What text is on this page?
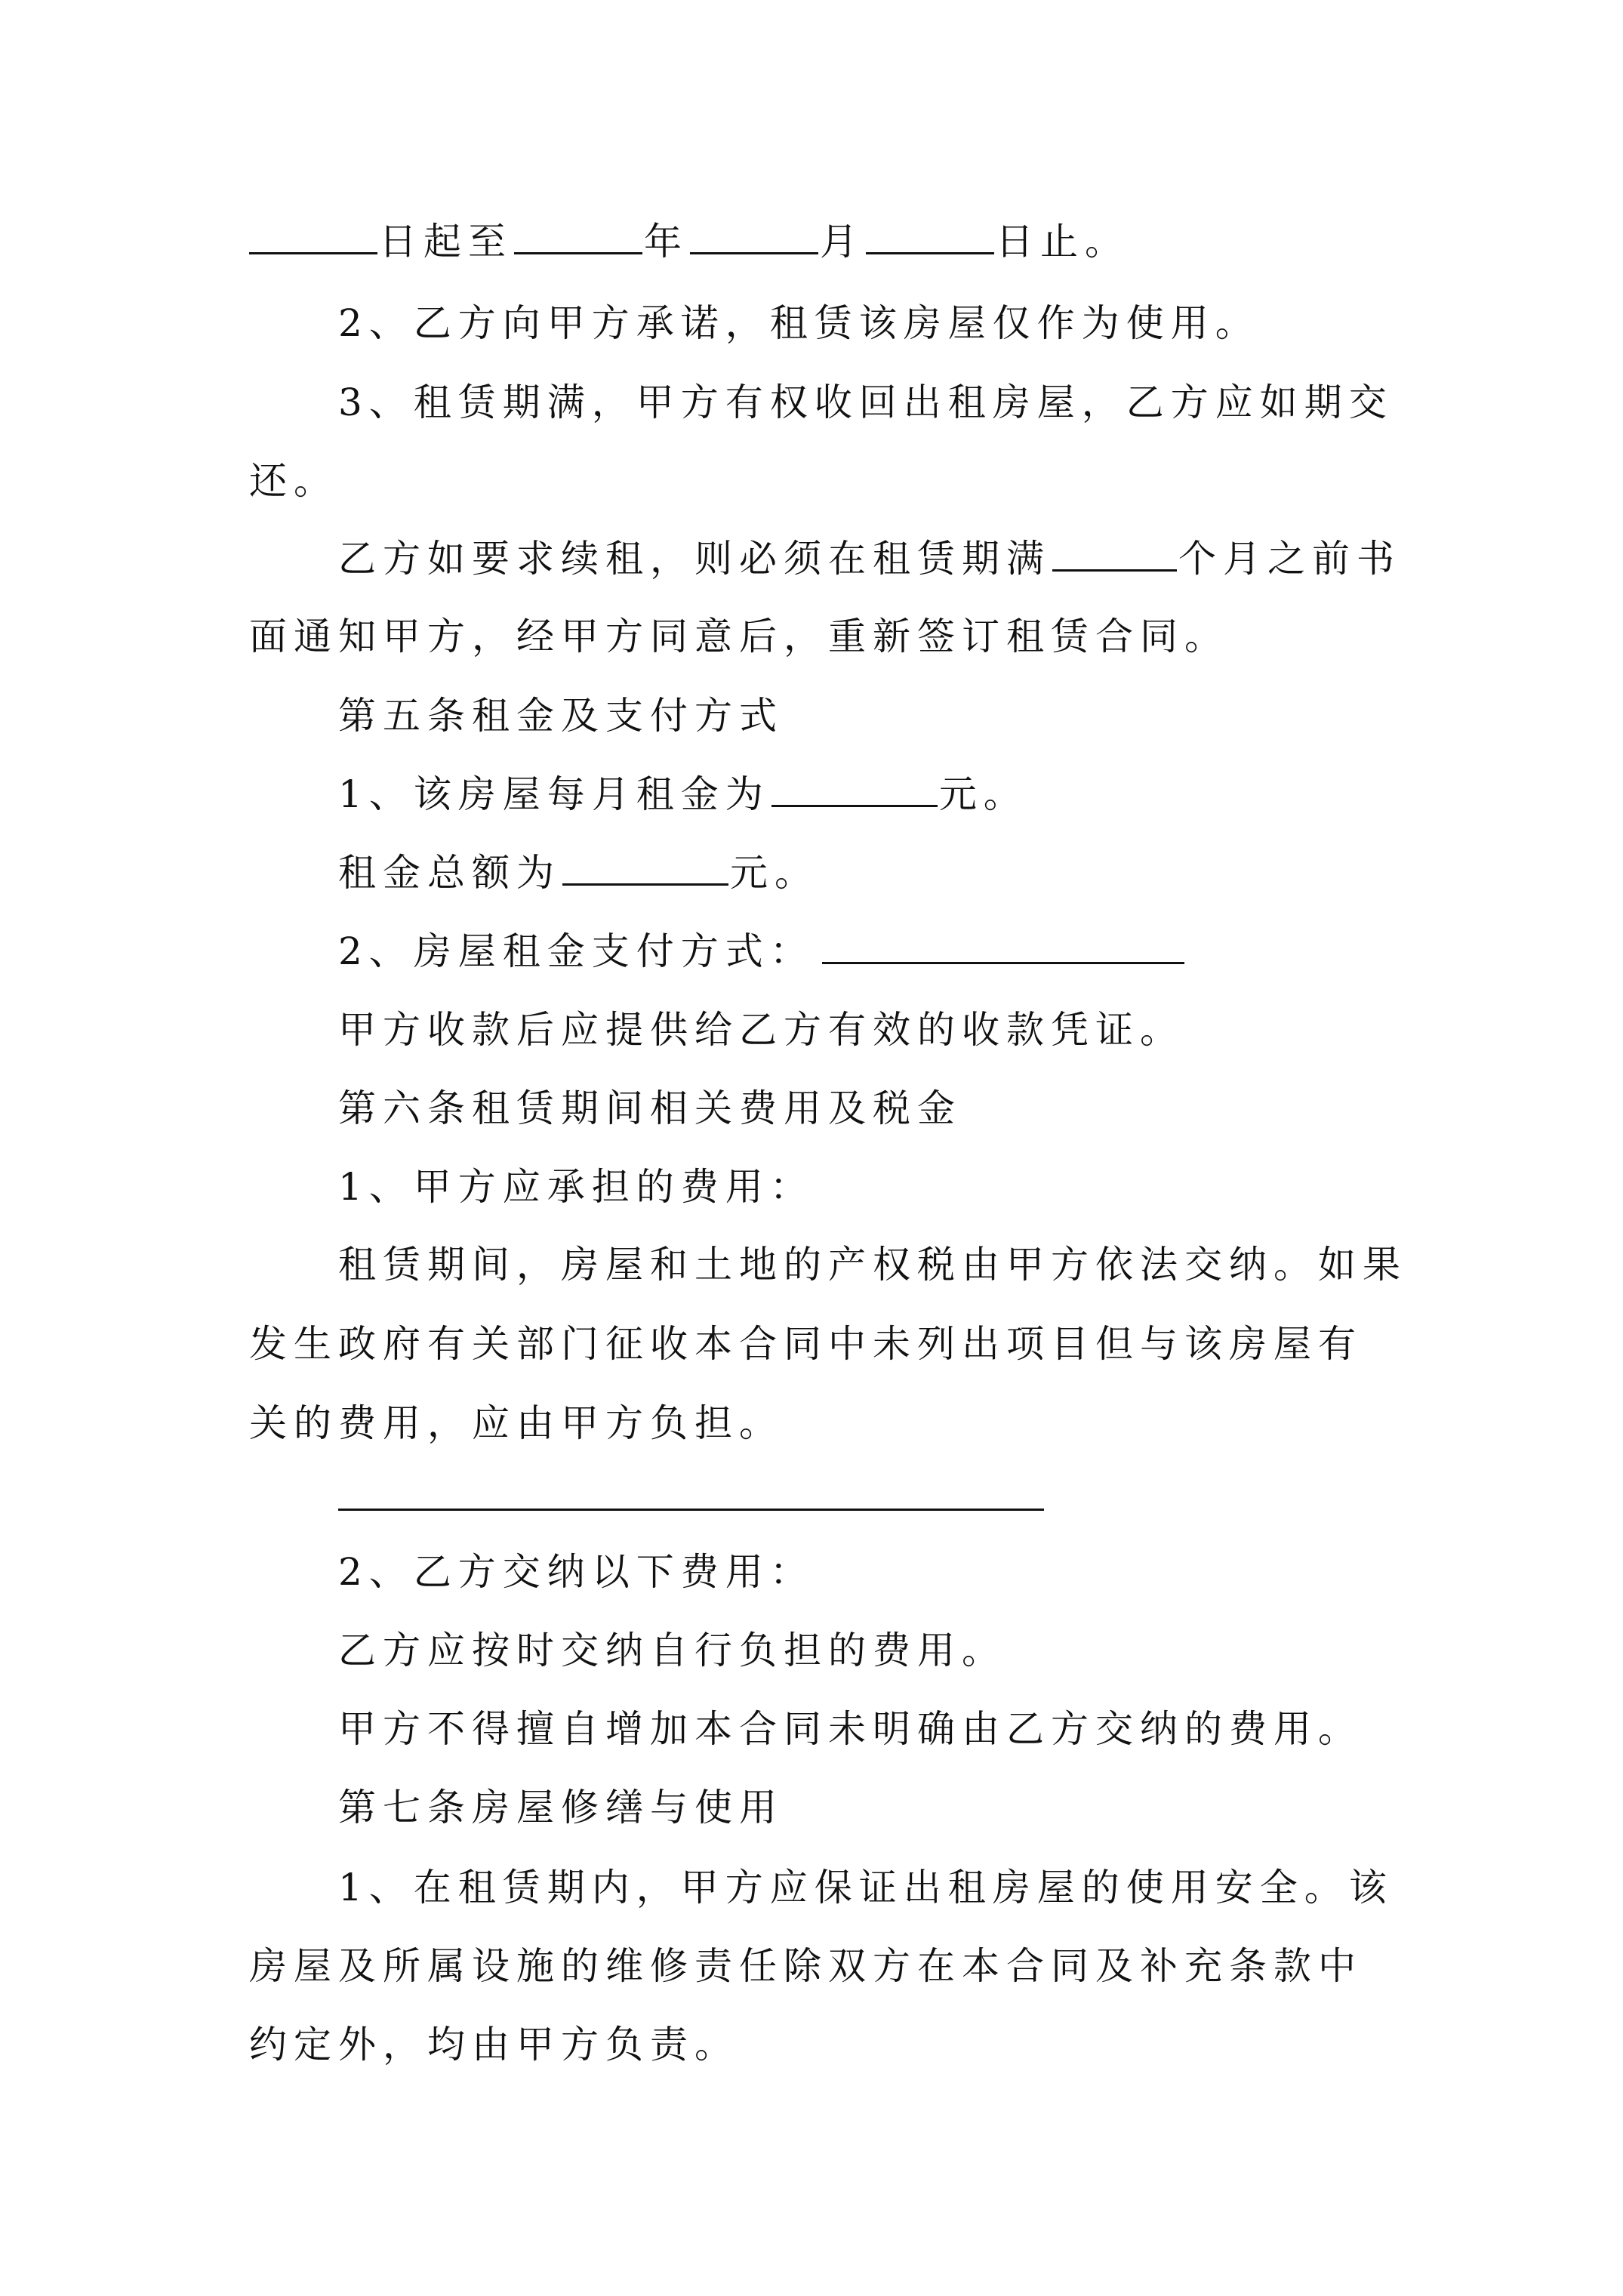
日起至	年	月	日止。

2、乙方向甲方承诺，租赁该房屋仅作为使用。

3、租赁期满，甲方有权收回出租房屋，乙方应如期交

还。

乙方如要求续租，则必须在租赁期满	个月之前书

面通知甲方，经甲方同意后，重新签订租赁合同。

第五条租金及支付方式

1、该房屋每月租金为	元。

租金总额为	元。

2、房屋租金支付方式：

甲方收款后应提供给乙方有效的收款凭证。

第六条租赁期间相关费用及税金

1、甲方应承担的费用：

租赁期间，房屋和土地的产权税由甲方依法交纳。如果

发生政府有关部门征收本合同中未列出项目但与该房屋有

关的费用，应由甲方负担。

2、乙方交纳以下费用：

乙方应按时交纳自行负担的费用。

甲方不得擅自增加本合同未明确由乙方交纳的费用。

第七条房屋修缮与使用

1、在租赁期内，甲方应保证出租房屋的使用安全。该

房屋及所属设施的维修责任除双方在本合同及补充条款中

约定外，均由甲方负责。
